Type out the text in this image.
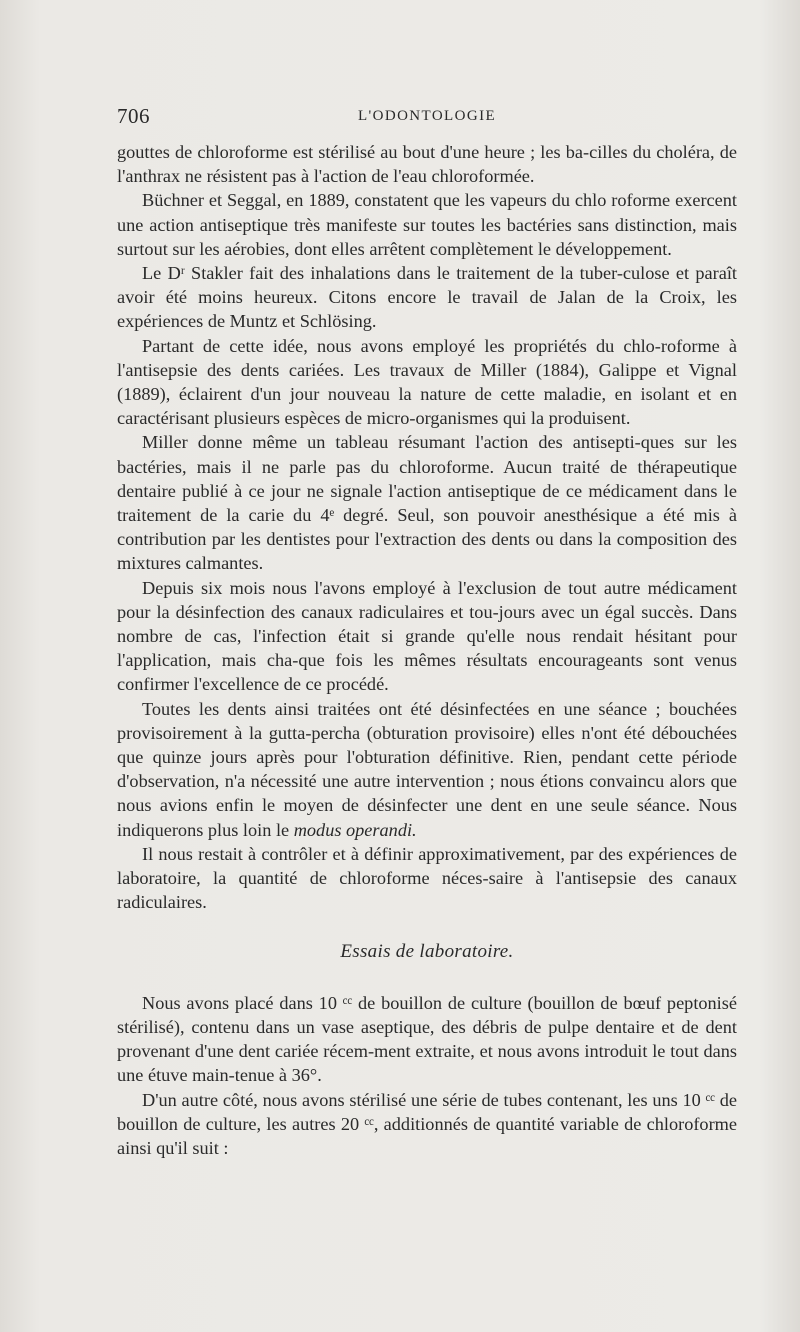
706	L'ODONTOLOGIE

gouttes de chloroforme est stérilisé au bout d'une heure ; les ba-cilles du choléra, de l'anthrax ne résistent pas à l'action de l'eau chloroformée.

Büchner et Seggal, en 1889, constatent que les vapeurs du chlo roforme exercent une action antiseptique très manifeste sur toutes les bactéries sans distinction, mais surtout sur les aérobies, dont elles arrêtent complètement le développement.

Le Dʳ Stakler fait des inhalations dans le traitement de la tuber-culose et paraît avoir été moins heureux. Citons encore le travail de Jalan de la Croix, les expériences de Muntz et Schlösing.

Partant de cette idée, nous avons employé les propriétés du chlo-roforme à l'antisepsie des dents cariées. Les travaux de Miller (1884), Galippe et Vignal (1889), éclairent d'un jour nouveau la nature de cette maladie, en isolant et en caractérisant plusieurs espèces de micro-organismes qui la produisent.

Miller donne même un tableau résumant l'action des antisepti-ques sur les bactéries, mais il ne parle pas du chloroforme. Aucun traité de thérapeutique dentaire publié à ce jour ne signale l'action antiseptique de ce médicament dans le traitement de la carie du 4ᵉ degré. Seul, son pouvoir anesthésique a été mis à contribution par les dentistes pour l'extraction des dents ou dans la composition des mixtures calmantes.

Depuis six mois nous l'avons employé à l'exclusion de tout autre médicament pour la désinfection des canaux radiculaires et tou-jours avec un égal succès. Dans nombre de cas, l'infection était si grande qu'elle nous rendait hésitant pour l'application, mais cha-que fois les mêmes résultats encourageants sont venus confirmer l'excellence de ce procédé.

Toutes les dents ainsi traitées ont été désinfectées en une séance ; bouchées provisoirement à la gutta-percha (obturation provisoire) elles n'ont été débouchées que quinze jours après pour l'obturation définitive. Rien, pendant cette période d'observation, n'a nécessité une autre intervention ; nous étions convaincu alors que nous avions enfin le moyen de désinfecter une dent en une seule séance. Nous indiquerons plus loin le modus operandi.

Il nous restait à contrôler et à définir approximativement, par des expériences de laboratoire, la quantité de chloroforme néces-saire à l'antisepsie des canaux radiculaires.

Essais de laboratoire.

Nous avons placé dans 10 ᶜᶜ de bouillon de culture (bouillon de bœuf peptonisé stérilisé), contenu dans un vase aseptique, des débris de pulpe dentaire et de dent provenant d'une dent cariée récem-ment extraite, et nous avons introduit le tout dans une étuve main-tenue à 36°.

D'un autre côté, nous avons stérilisé une série de tubes contenant, les uns 10 ᶜᶜ de bouillon de culture, les autres 20 ᶜᶜ, additionnés de quantité variable de chloroforme ainsi qu'il suit :
